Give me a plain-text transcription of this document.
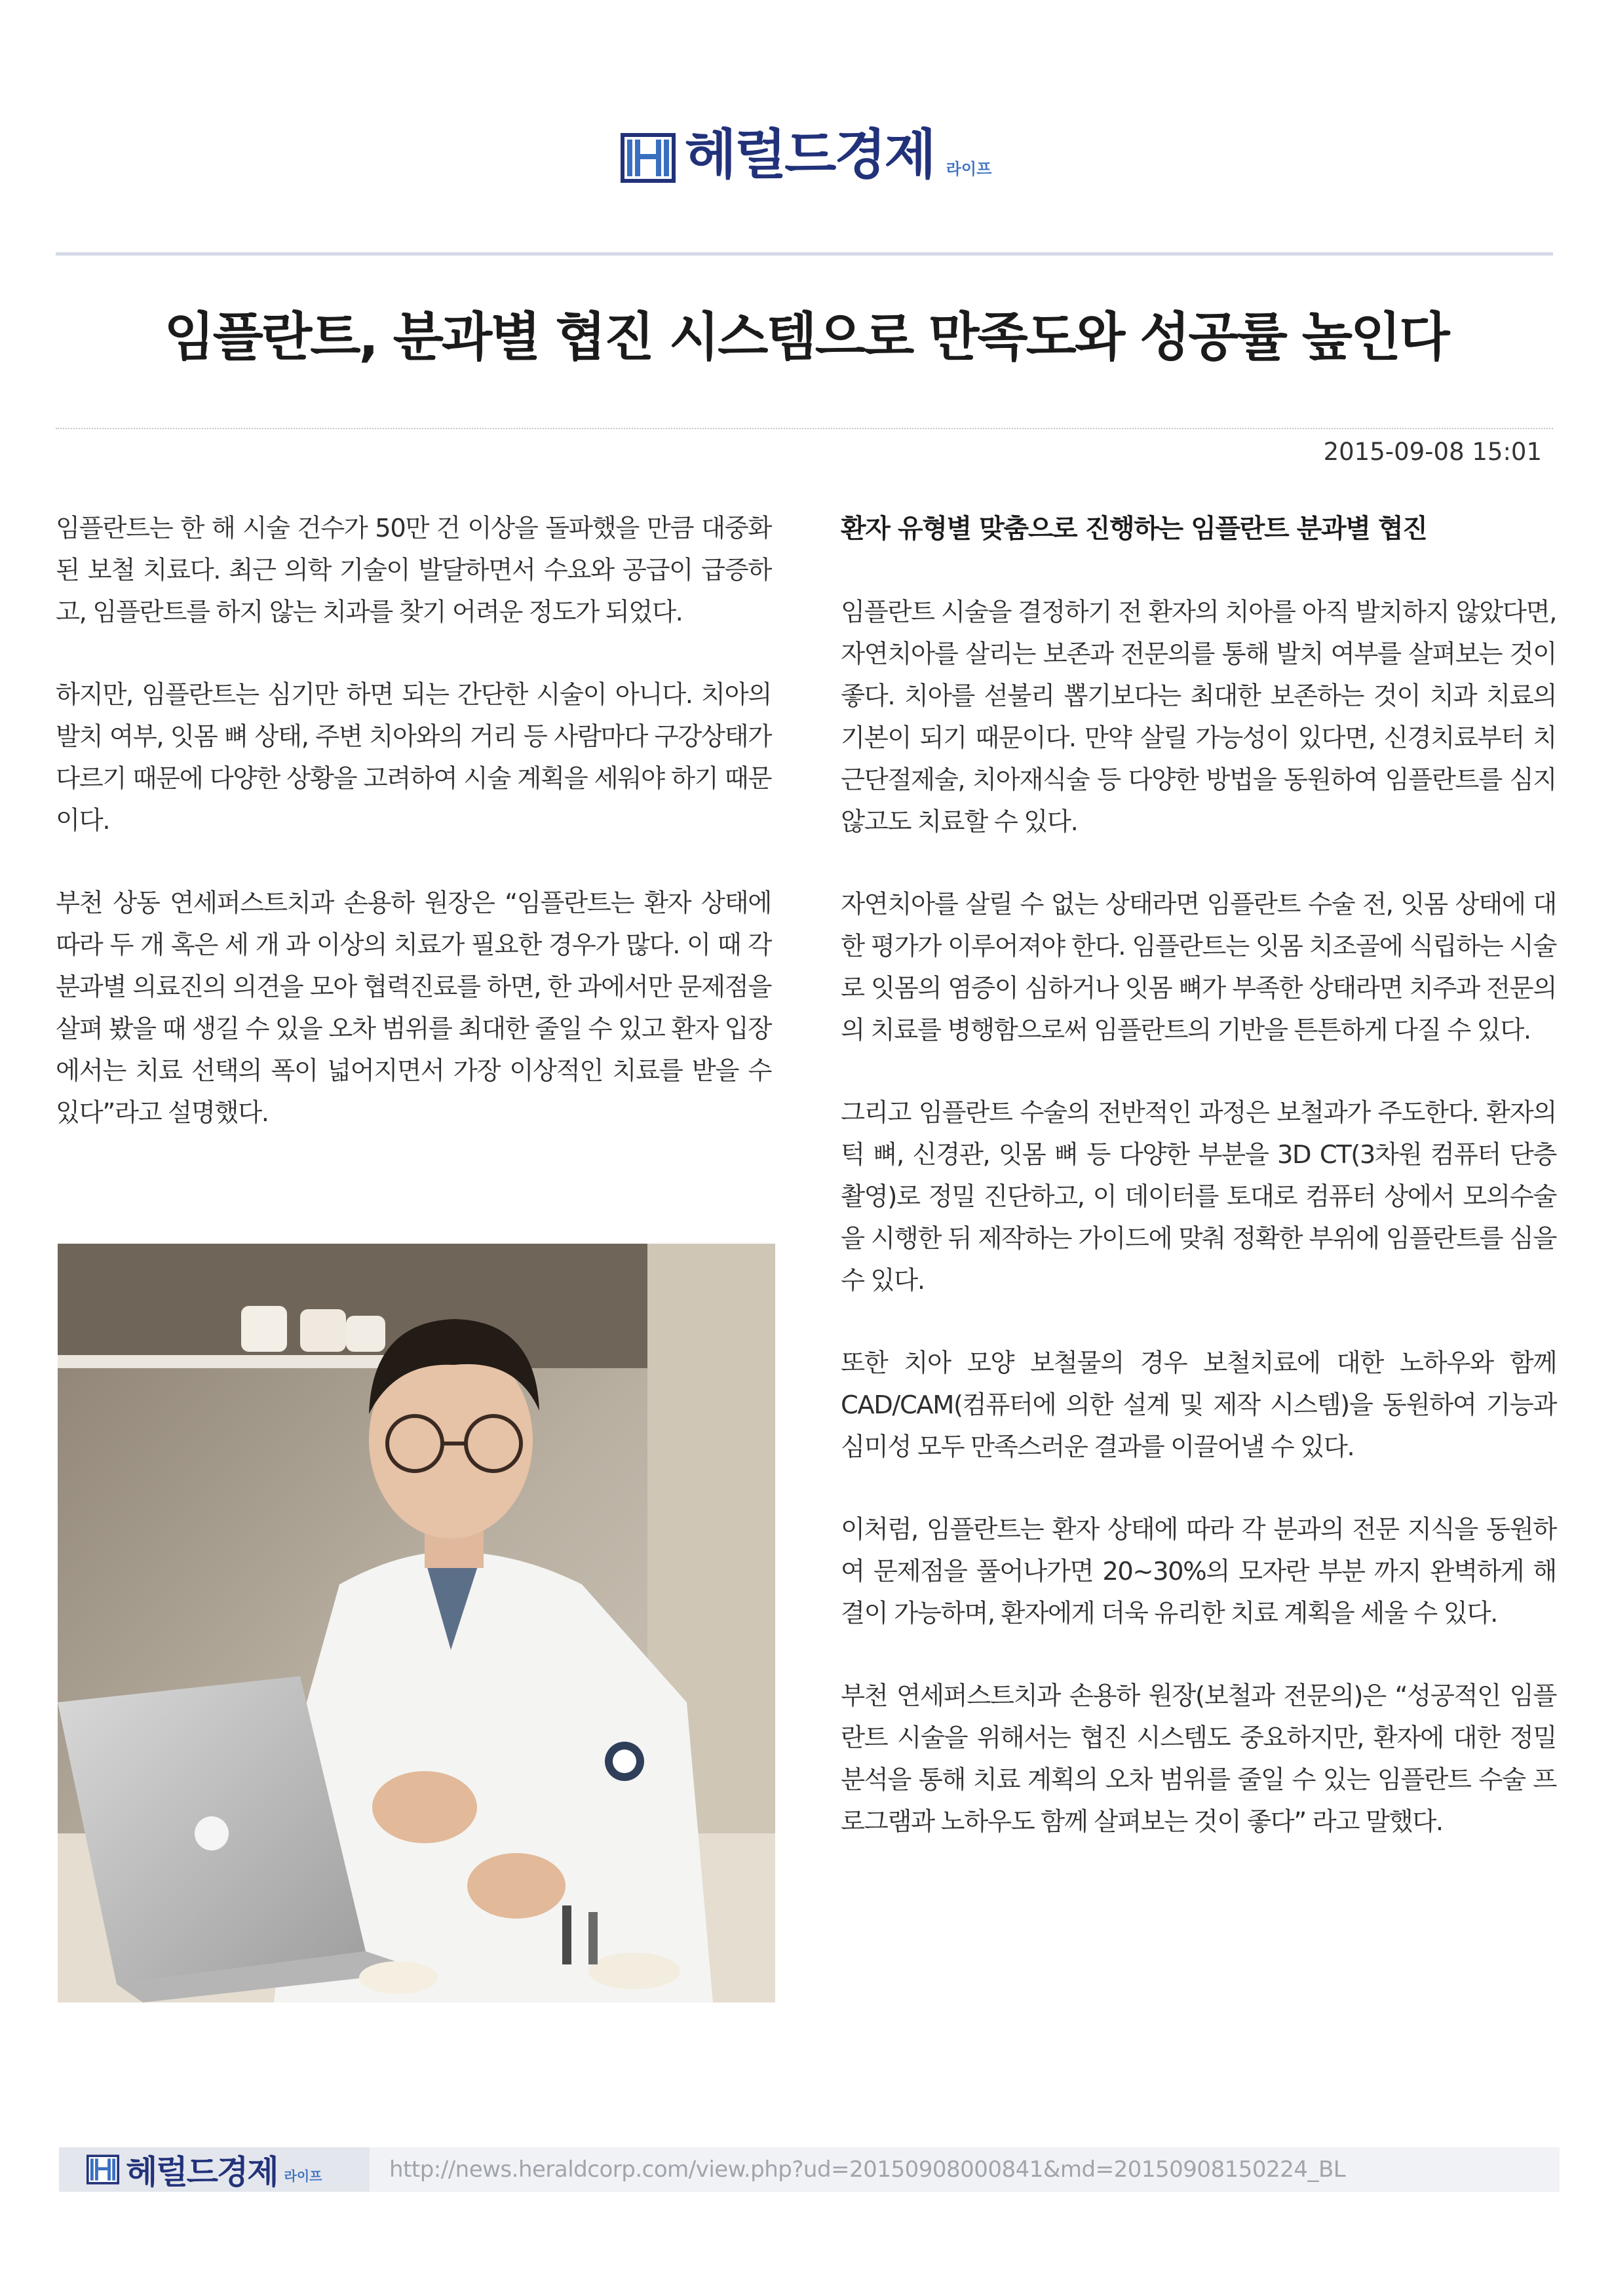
헤럴드경제 라이프
임플란트, 분과별 협진 시스템으로 만족도와 성공률 높인다
2015-09-08 15:01

임플란트는 한 해 시술 건수가 50만 건 이상을 돌파했을 만큼 대중화된 보철 치료다. 최근 의학 기술이 발달하면서 수요와 공급이 급증하고, 임플란트를 하지 않는 치과를 찾기 어려운 정도가 되었다.

하지만, 임플란트는 심기만 하면 되는 간단한 시술이 아니다. 치아의 발치 여부, 잇몸 뼈 상태, 주변 치아와의 거리 등 사람마다 구강상태가 다르기 때문에 다양한 상황을 고려하여 시술 계획을 세워야 하기 때문이다.

부천 상동 연세퍼스트치과 손용하 원장은 “임플란트는 환자 상태에 따라 두 개 혹은 세 개 과 이상의 치료가 필요한 경우가 많다. 이 때 각 분과별 의료진의 의견을 모아 협력진료를 하면, 한 과에서만 문제점을 살펴 봤을 때 생길 수 있을 오차 범위를 최대한 줄일 수 있고 환자 입장에서는 치료 선택의 폭이 넓어지면서 가장 이상적인 치료를 받을 수 있다”라고 설명했다.

환자 유형별 맞춤으로 진행하는 임플란트 분과별 협진

임플란트 시술을 결정하기 전 환자의 치아를 아직 발치하지 않았다면, 자연치아를 살리는 보존과 전문의를 통해 발치 여부를 살펴보는 것이 좋다. 치아를 섣불리 뽑기보다는 최대한 보존하는 것이 치과 치료의 기본이 되기 때문이다. 만약 살릴 가능성이 있다면, 신경치료부터 치근단절제술, 치아재식술 등 다양한 방법을 동원하여 임플란트를 심지 않고도 치료할 수 있다.

자연치아를 살릴 수 없는 상태라면 임플란트 수술 전, 잇몸 상태에 대한 평가가 이루어져야 한다. 임플란트는 잇몸 치조골에 식립하는 시술로 잇몸의 염증이 심하거나 잇몸 뼈가 부족한 상태라면 치주과 전문의의 치료를 병행함으로써 임플란트의 기반을 튼튼하게 다질 수 있다.

그리고 임플란트 수술의 전반적인 과정은 보철과가 주도한다. 환자의 턱 뼈, 신경관, 잇몸 뼈 등 다양한 부분을 3D CT(3차원 컴퓨터 단층 촬영)로 정밀 진단하고, 이 데이터를 토대로 컴퓨터 상에서 모의수술을 시행한 뒤 제작하는 가이드에 맞춰 정확한 부위에 임플란트를 심을 수 있다.

또한 치아 모양 보철물의 경우 보철치료에 대한 노하우와 함께 CAD/CAM(컴퓨터에 의한 설계 및 제작 시스템)을 동원하여 기능과 심미성 모두 만족스러운 결과를 이끌어낼 수 있다.

이처럼, 임플란트는 환자 상태에 따라 각 분과의 전문 지식을 동원하여 문제점을 풀어나가면 20~30%의 모자란 부분 까지 완벽하게 해결이 가능하며, 환자에게 더욱 유리한 치료 계획을 세울 수 있다.

부천 연세퍼스트치과 손용하 원장(보철과 전문의)은 “성공적인 임플란트 시술을 위해서는 협진 시스템도 중요하지만, 환자에 대한 정밀 분석을 통해 치료 계획의 오차 범위를 줄일 수 있는 임플란트 수술 프로그램과 노하우도 함께 살펴보는 것이 좋다” 라고 말했다.

헤럴드경제 라이프	http://news.heraldcorp.com/view.php?ud=20150908000841&md=20150908150224_BL
